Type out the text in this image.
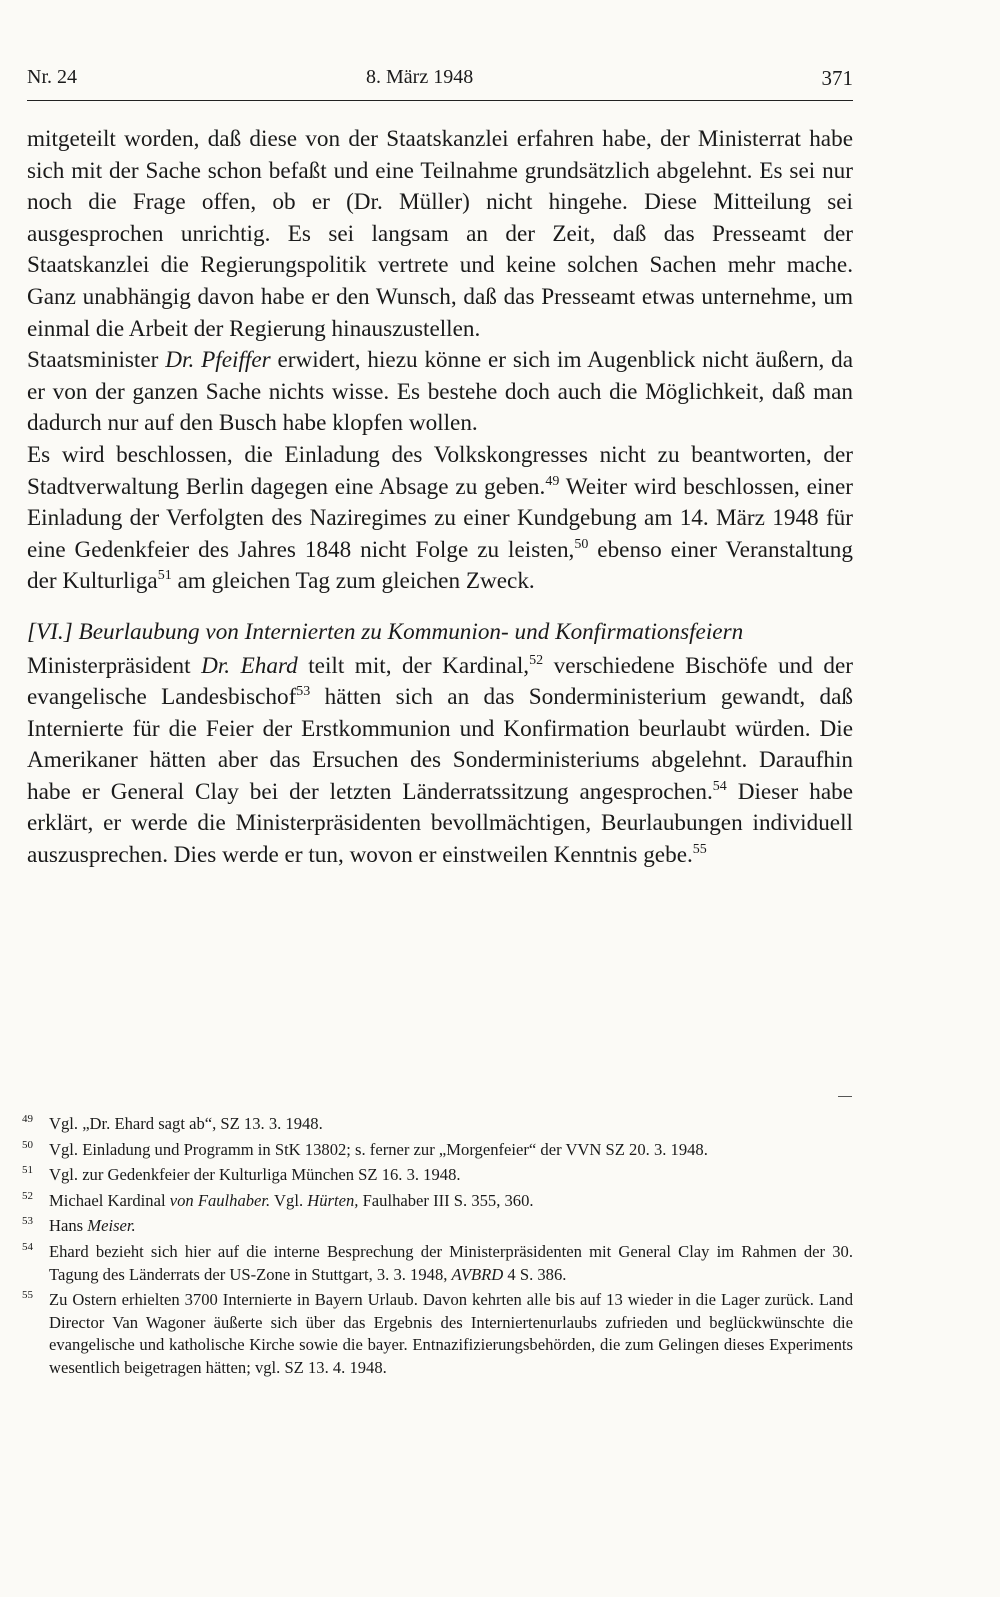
Nr. 24	8. März 1948	371

mitgeteilt worden, daß diese von der Staatskanzlei erfahren habe, der Ministerrat habe sich mit der Sache schon befaßt und eine Teilnahme grundsätzlich abgelehnt. Es sei nur noch die Frage offen, ob er (Dr. Müller) nicht hingehe. Diese Mitteilung sei ausgesprochen unrichtig. Es sei langsam an der Zeit, daß das Presseamt der Staatskanzlei die Regierungspolitik vertrete und keine solchen Sachen mehr mache. Ganz unabhängig davon habe er den Wunsch, daß das Presseamt etwas unternehme, um einmal die Arbeit der Regierung hinauszustellen.

Staatsminister Dr. Pfeiffer erwidert, hiezu könne er sich im Augenblick nicht äußern, da er von der ganzen Sache nichts wisse. Es bestehe doch auch die Möglichkeit, daß man dadurch nur auf den Busch habe klopfen wollen.

Es wird beschlossen, die Einladung des Volkskongresses nicht zu beantworten, der Stadtverwaltung Berlin dagegen eine Absage zu geben.$^{49}$ Weiter wird beschlossen, einer Einladung der Verfolgten des Naziregimes zu einer Kundgebung am 14. März 1948 für eine Gedenkfeier des Jahres 1848 nicht Folge zu leisten,$^{50}$ ebenso einer Veranstaltung der Kulturliga$^{51}$ am gleichen Tag zum gleichen Zweck.

[VI.] Beurlaubung von Internierten zu Kommunion- und Konfirmationsfeiern

Ministerpräsident Dr. Ehard teilt mit, der Kardinal,$^{52}$ verschiedene Bischöfe und der evangelische Landesbischof$^{53}$ hätten sich an das Sonderministerium gewandt, daß Internierte für die Feier der Erstkommunion und Konfirmation beurlaubt würden. Die Amerikaner hätten aber das Ersuchen des Sonderministeriums abgelehnt. Daraufhin habe er General Clay bei der letzten Länderratssitzung angesprochen.$^{54}$ Dieser habe erklärt, er werde die Ministerpräsidenten bevollmächtigen, Beurlaubungen individuell auszusprechen. Dies werde er tun, wovon er einstweilen Kenntnis gebe.$^{55}$

49 Vgl. „Dr. Ehard sagt ab“, SZ 13. 3. 1948.

50 Vgl. Einladung und Programm in StK 13802; s. ferner zur „Morgenfeier“ der VVN SZ 20. 3. 1948.

51 Vgl. zur Gedenkfeier der Kulturliga München SZ 16. 3. 1948.

52 Michael Kardinal von Faulhaber. Vgl. Hürten, Faulhaber III S. 355, 360.

53 Hans Meiser.

54 Ehard bezieht sich hier auf die interne Besprechung der Ministerpräsidenten mit General Clay im Rahmen der 30. Tagung des Länderrats der US-Zone in Stuttgart, 3. 3. 1948, AVBRD 4 S. 386.

55 Zu Ostern erhielten 3700 Internierte in Bayern Urlaub. Davon kehrten alle bis auf 13 wieder in die Lager zurück. Land Director Van Wagoner äußerte sich über das Ergebnis des Interniertenurlaubs zufrieden und beglückwünschte die evangelische und katholische Kirche sowie die bayer. Entnazifizierungsbehörden, die zum Gelingen dieses Experiments wesentlich beigetragen hätten; vgl. SZ 13. 4. 1948.
